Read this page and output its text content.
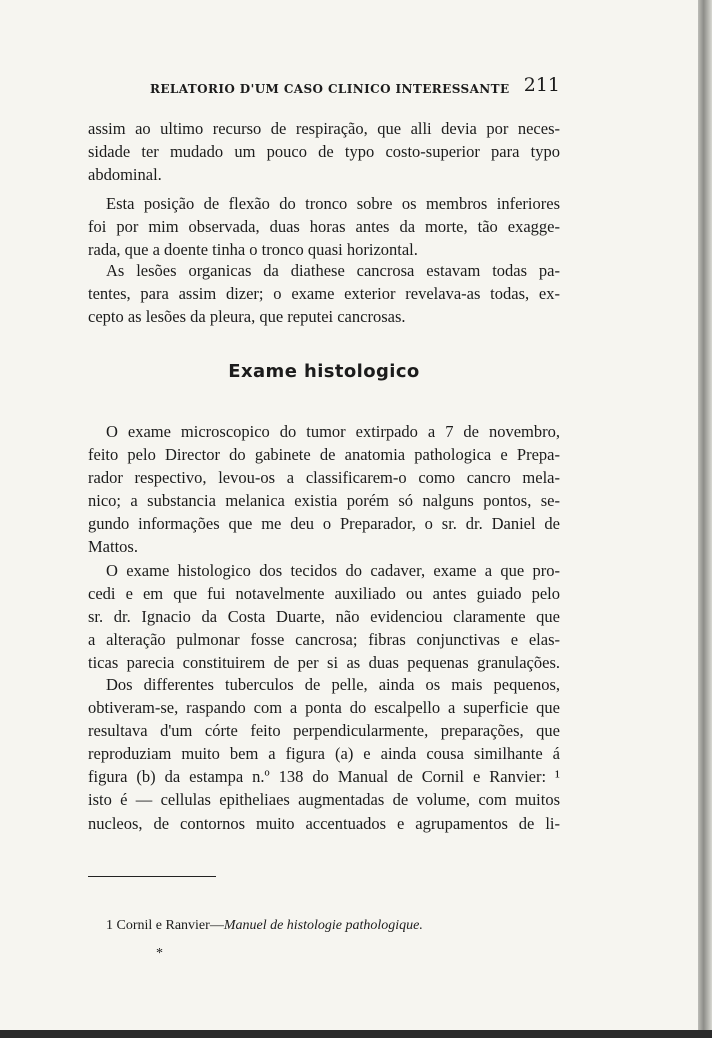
RELATORIO D'UM CASO CLINICO INTERESSANTE 211
assim ao ultimo recurso de respiração, que alli devia por neces-
sidade ter mudado um pouco de typo costo-superior para typo
abdominal.
Esta posição de flexão do tronco sobre os membros inferiores
foi por mim observada, duas horas antes da morte, tão exagge-
rada, que a doente tinha o tronco quasi horizontal.
As lesões organicas da diathese cancrosa estavam todas pa-
tentes, para assim dizer; o exame exterior revelava-as todas, ex-
cepto as lesões da pleura, que reputei cancrosas.
Exame histologico
O exame microscopico do tumor extirpado a 7 de novembro,
feito pelo Director do gabinete de anatomia pathologica e Prepa-
rador respectivo, levou-os a classificarem-o como cancro mela-
nico; a substancia melanica existia porém só nalguns pontos, se-
gundo informações que me deu o Preparador, o sr. dr. Daniel de
Mattos.
O exame histologico dos tecidos do cadaver, exame a que pro-
cedi e em que fui notavelmente auxiliado ou antes guiado pelo
sr. dr. Ignacio da Costa Duarte, não evidenciou claramente que
a alteração pulmonar fosse cancrosa; fibras conjunctivas e elas-
ticas parecia constituirem de per si as duas pequenas granulações.
Dos differentes tuberculos de pelle, ainda os mais pequenos,
obtiveram-se, raspando com a ponta do escalpello a superficie que
resultava d'um córte feito perpendicularmente, preparações, que
reproduziam muito bem a figura (a) e ainda cousa similhante á
figura (b) da estampa n.º 138 do Manual de Cornil e Ranvier: ¹
isto é — cellulas epitheliaes augmentadas de volume, com muitos
nucleos, de contornos muito accentuados e agrupamentos de li-
1 Cornil e Ranvier—Manuel de histologie pathologique.
*
